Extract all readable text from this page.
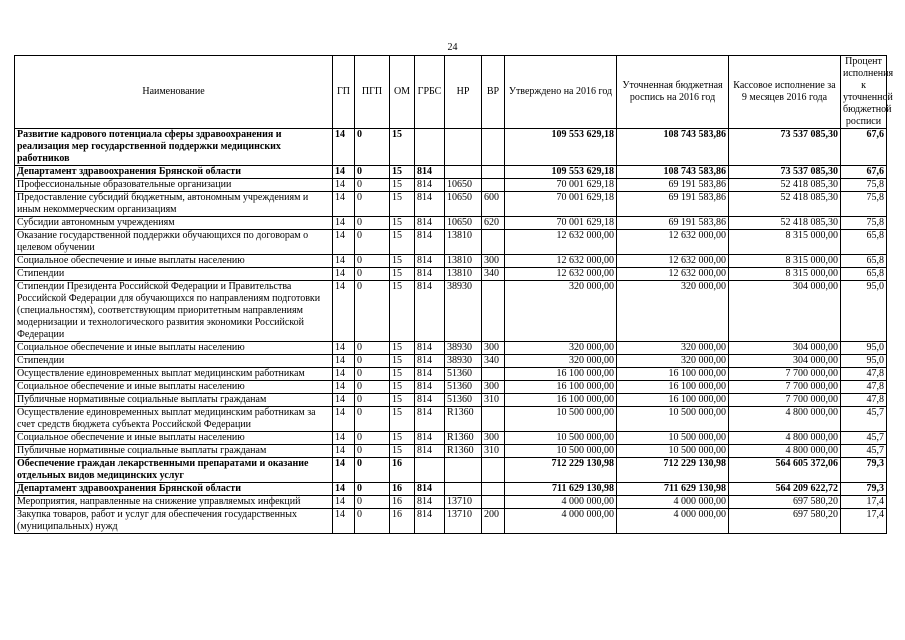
24
Наименование	ГП	ПГП	ОМ	ГРБС	НР	ВР	Утверждено на 2016 год	Уточненная бюджетная роспись на 2016 год	Кассовое исполнение за 9 месяцев 2016 года	Процент исполнения к уточненной бюджетной росписи
Развитие кадрового потенциала сферы здравоохранения и реализация мер государственной поддержки медицинских работников	14	0	15				109 553 629,18	108 743 583,86	73 537 085,30	67,6
Департамент здравоохранения Брянской области	14	0	15	814			109 553 629,18	108 743 583,86	73 537 085,30	67,6
Профессиональные образовательные организации	14	0	15	814	10650		70 001 629,18	69 191 583,86	52 418 085,30	75,8
Предоставление субсидий бюджетным, автономным учреждениям и иным некоммерческим организациям	14	0	15	814	10650	600	70 001 629,18	69 191 583,86	52 418 085,30	75,8
Субсидии автономным учреждениям	14	0	15	814	10650	620	70 001 629,18	69 191 583,86	52 418 085,30	75,8
Оказание государственной поддержки обучающихся по договорам о целевом обучении	14	0	15	814	13810		12 632 000,00	12 632 000,00	8 315 000,00	65,8
Социальное обеспечение и иные выплаты населению	14	0	15	814	13810	300	12 632 000,00	12 632 000,00	8 315 000,00	65,8
Стипендии	14	0	15	814	13810	340	12 632 000,00	12 632 000,00	8 315 000,00	65,8
Стипендии Президента Российской Федерации и Правительства Российской Федерации для обучающихся по направлениям подготовки (специальностям), соответствующим приоритетным направлениям модернизации и технологического развития экономики Российской Федерации	14	0	15	814	38930		320 000,00	320 000,00	304 000,00	95,0
Социальное обеспечение и иные выплаты населению	14	0	15	814	38930	300	320 000,00	320 000,00	304 000,00	95,0
Стипендии	14	0	15	814	38930	340	320 000,00	320 000,00	304 000,00	95,0
Осуществление единовременных выплат медицинским работникам	14	0	15	814	51360		16 100 000,00	16 100 000,00	7 700 000,00	47,8
Социальное обеспечение и иные выплаты населению	14	0	15	814	51360	300	16 100 000,00	16 100 000,00	7 700 000,00	47,8
Публичные нормативные социальные выплаты гражданам	14	0	15	814	51360	310	16 100 000,00	16 100 000,00	7 700 000,00	47,8
Осуществление единовременных выплат медицинским работникам за счет средств бюджета субъекта Российской Федерации	14	0	15	814	R1360		10 500 000,00	10 500 000,00	4 800 000,00	45,7
Социальное обеспечение и иные выплаты населению	14	0	15	814	R1360	300	10 500 000,00	10 500 000,00	4 800 000,00	45,7
Публичные нормативные социальные выплаты гражданам	14	0	15	814	R1360	310	10 500 000,00	10 500 000,00	4 800 000,00	45,7
Обеспечение граждан лекарственными препаратами и оказание отдельных видов медицинских услуг	14	0	16				712 229 130,98	712 229 130,98	564 605 372,06	79,3
Департамент здравоохранения Брянской области	14	0	16	814			711 629 130,98	711 629 130,98	564 209 622,72	79,3
Мероприятия, направленные на снижение управляемых инфекций	14	0	16	814	13710		4 000 000,00	4 000 000,00	697 580,20	17,4
Закупка товаров, работ и услуг для обеспечения государственных (муниципальных) нужд	14	0	16	814	13710	200	4 000 000,00	4 000 000,00	697 580,20	17,4
